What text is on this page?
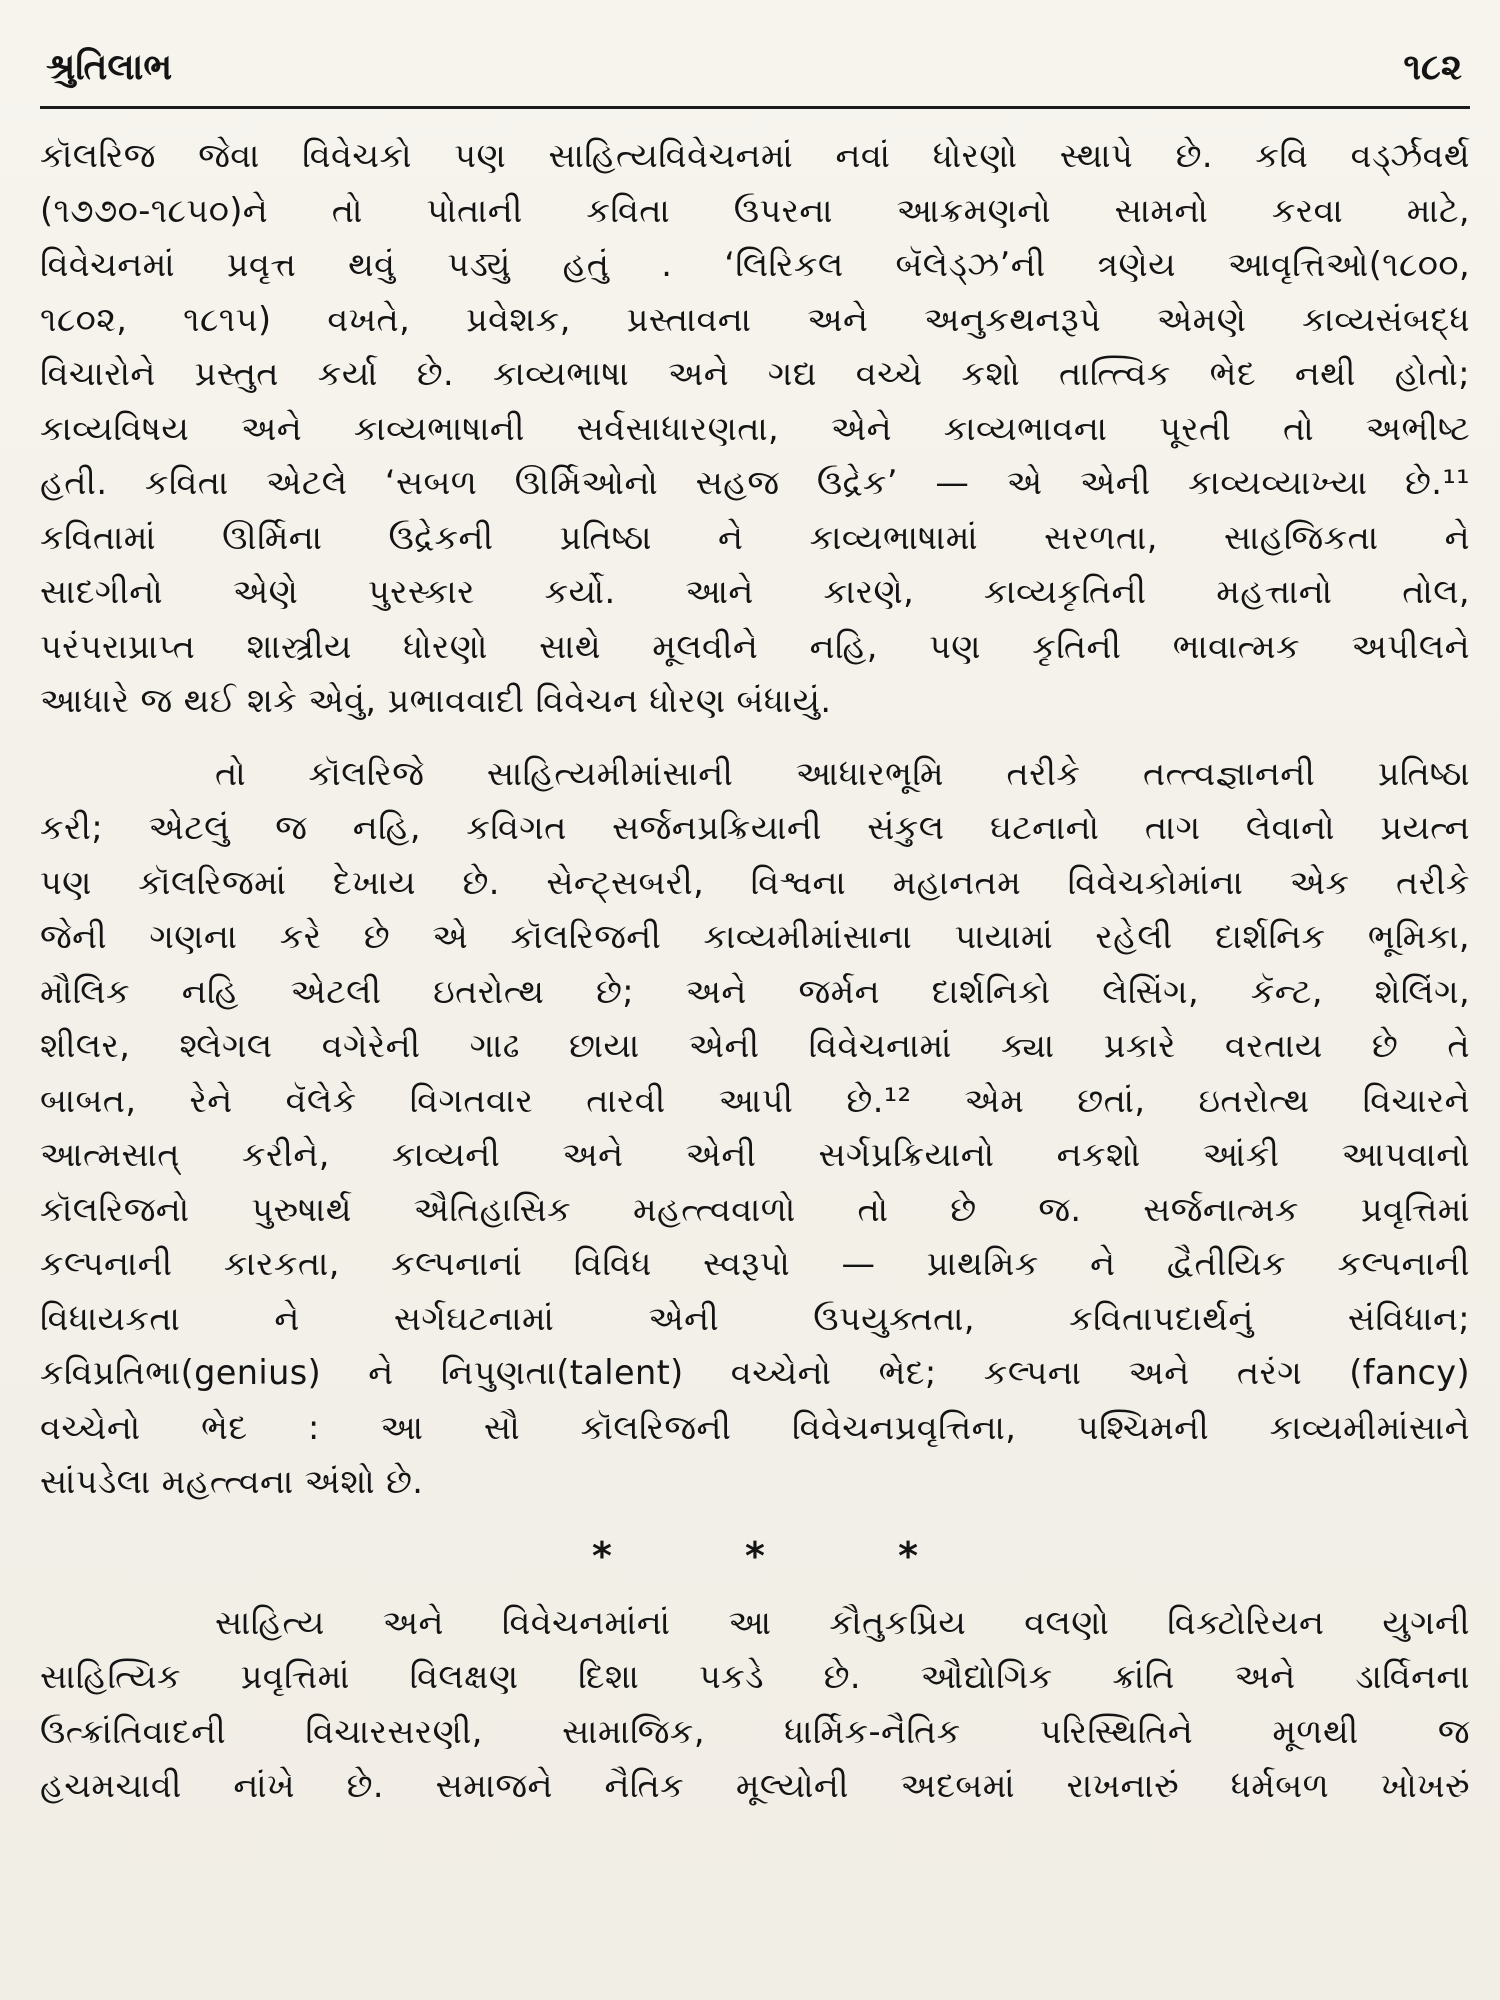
શ્રુતિલાભ	૧૮૨

કૉલરિજ જેવા વિવેચકો પણ સાહિત્યવિવેચનમાં નવાં ધોરણો સ્થાપે છે. કવિ વર્ડ્ઝવર્થ
(૧૭૭૦-૧૮૫૦)ને તો પોતાની કવિતા ઉપરના આક્રમણનો સામનો કરવા માટે,
વિવેચનમાં પ્રવૃત્ત થવું પડ્યું હતું . ‘લિરિકલ બૅલેડ્ઝ’ની ત્રણેય આવૃત્તિઓ(૧૮૦૦,
૧૮૦૨, ૧૮૧૫) વખતે, પ્રવેશક, પ્રસ્તાવના અને અનુકથનરૂપે એમણે કાવ્યસંબદ્ધ
વિચારોને પ્રસ્તુત કર્યા છે. કાવ્યભાષા અને ગદ્ય વચ્ચે કશો તાત્ત્વિક ભેદ નથી હોતો;
કાવ્યવિષય અને કાવ્યભાષાની સર્વસાધારણતા, એને કાવ્યભાવના પૂરતી તો અભીષ્ટ
હતી. કવિતા એટલે ‘સબળ ઊર્મિઓનો સહજ ઉદ્રેક’ — એ એની કાવ્યવ્યાખ્યા છે.¹¹
કવિતામાં ઊર્મિના ઉદ્રેકની પ્રતિષ્ઠા ને કાવ્યભાષામાં સરળતા, સાહજિકતા ને
સાદગીનો એણે પુરસ્કાર કર્યો. આને કારણે, કાવ્યકૃતિની મહત્તાનો તોલ,
પરંપરાપ્રાપ્ત શાસ્ત્રીય ધોરણો સાથે મૂલવીને નહિ, પણ કૃતિની ભાવાત્મક અપીલને
આધારે જ થઈ શકે એવું, પ્રભાવવાદી વિવેચન ધોરણ બંધાયું.

તો કૉલરિજે સાહિત્યમીમાંસાની આધારભૂમિ તરીકે તત્ત્વજ્ઞાનની પ્રતિષ્ઠા
કરી; એટલું જ નહિ, કવિગત સર્જનપ્રક્રિયાની સંકુલ ઘટનાનો તાગ લેવાનો પ્રયત્ન
પણ કૉલરિજમાં દેખાય છે. સેન્ટ્સબરી, વિશ્વના મહાનતમ વિવેચકોમાંના એક તરીકે
જેની ગણના કરે છે એ કૉલરિજની કાવ્યમીમાંસાના પાયામાં રહેલી દાર્શનિક ભૂમિકા,
મૌલિક નહિ એટલી ઇતરોત્થ છે; અને જર્મન દાર્શનિકો લેસિંગ, કૅન્ટ, શેલિંગ,
શીલર, શ્લેગલ વગેરેની ગાઢ છાયા એની વિવેચનામાં ક્યા પ્રકારે વરતાય છે તે
બાબત, રેને વૅલેકે વિગતવાર તારવી આપી છે.¹² એમ છતાં, ઇતરોત્થ વિચારને
આત્મસાત્ કરીને, કાવ્યની અને એની સર્ગપ્રક્રિયાનો નકશો આંકી આપવાનો
કૉલરિજનો પુરુષાર્થ ઐતિહાસિક મહત્ત્વવાળો તો છે જ. સર્જનાત્મક પ્રવૃત્તિમાં
કલ્પનાની કારકતા, કલ્પનાનાં વિવિધ સ્વરૂપો — પ્રાથમિક ને દ્વૈતીયિક કલ્પનાની
વિધાયકતા ને સર્ગઘટનામાં એની ઉપયુક્તતા, કવિતાપદાર્થનું સંવિધાન;
કવિપ્રતિભા(genius) ને નિપુણતા(talent) વચ્ચેનો ભેદ; કલ્પના અને તરંગ (fancy)
વચ્ચેનો ભેદ : આ સૌ કૉલરિજની વિવેચનપ્રવૃત્તિના, પશ્ચિમની કાવ્યમીમાંસાને
સાંપડેલા મહત્ત્વના અંશો છે.

* * *

સાહિત્ય અને વિવેચનમાંનાં આ કૌતુકપ્રિય વલણો વિક્ટોરિયન યુગની
સાહિત્યિક પ્રવૃત્તિમાં વિલક્ષણ દિશા પકડે છે. ઔદ્યોગિક ક્રાંતિ અને ડાર્વિનના
ઉત્ક્રાંતિવાદની વિચારસરણી, સામાજિક, ધાર્મિક-નૈતિક પરિસ્થિતિને મૂળથી જ
હચમચાવી નાંખે છે. સમાજને નૈતિક મૂલ્યોની અદબમાં રાખનારું ધર્મબળ ખોખરું
